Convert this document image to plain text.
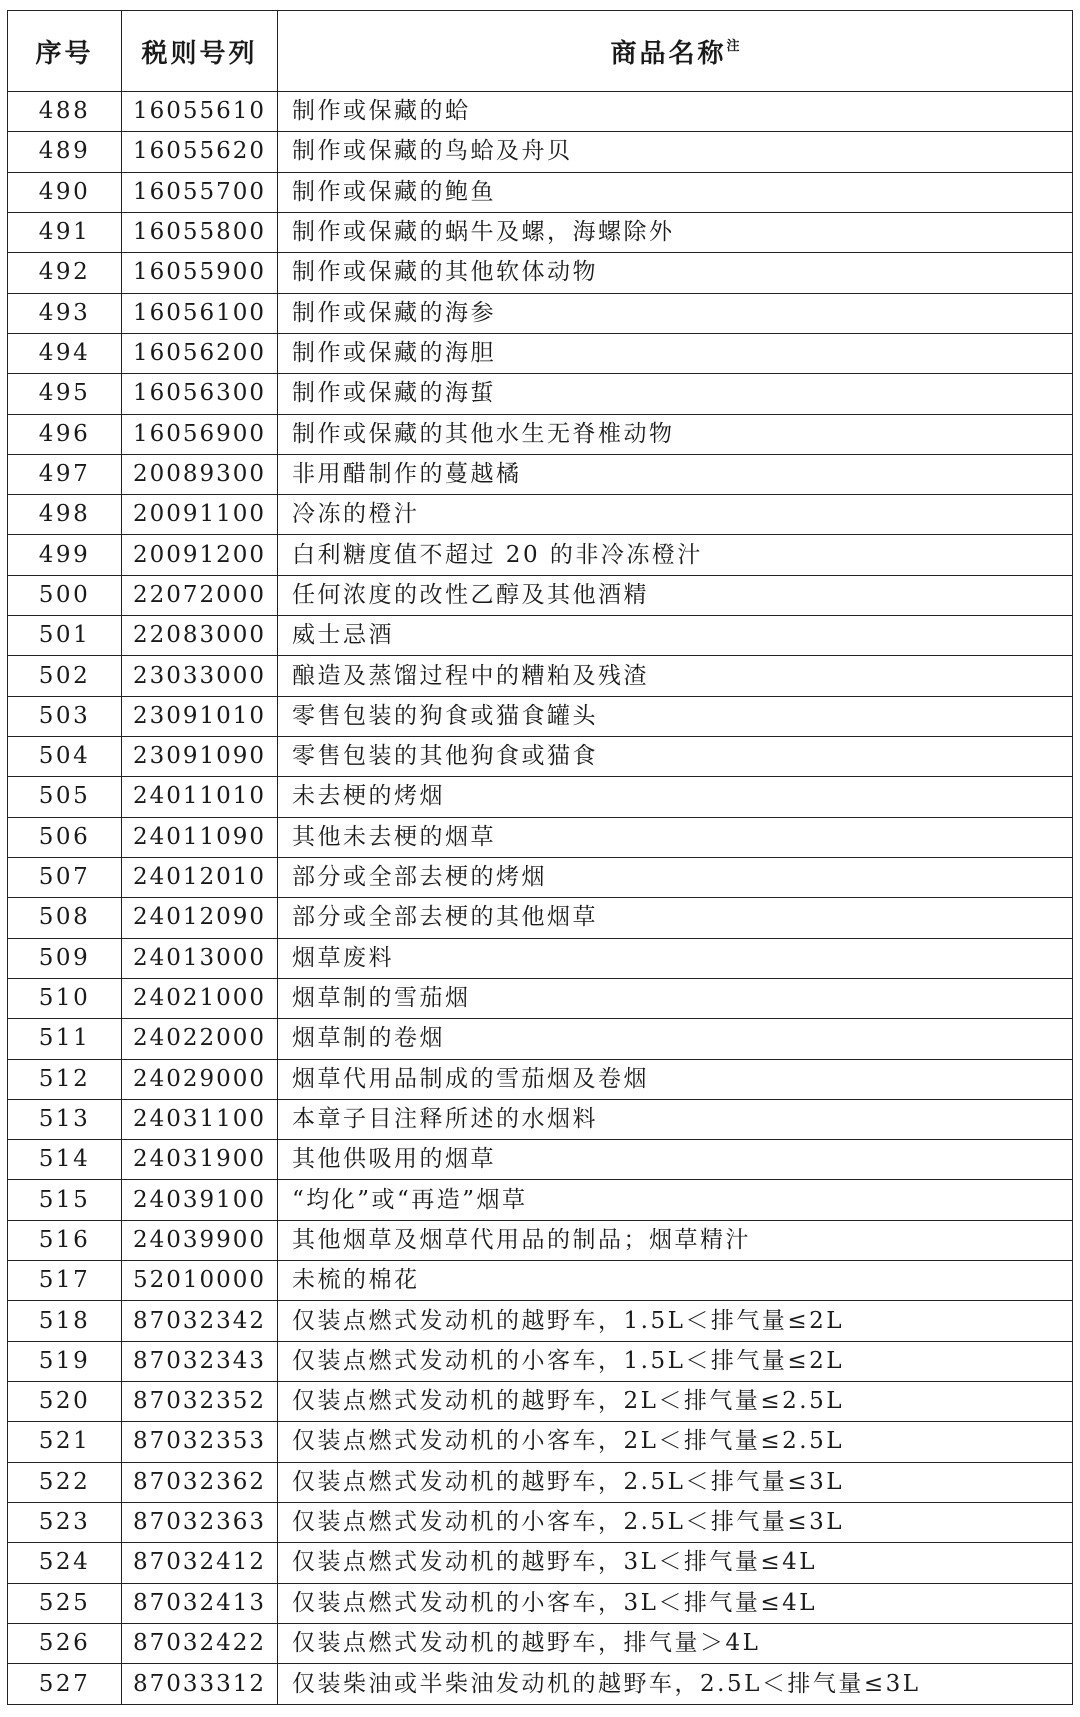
序号	税则号列	商品名称$^注$
488	16055610	制作或保藏的蛤
489	16055620	制作或保藏的鸟蛤及舟贝
490	16055700	制作或保藏的鲍鱼
491	16055800	制作或保藏的蜗牛及螺，海螺除外
492	16055900	制作或保藏的其他软体动物
493	16056100	制作或保藏的海参
494	16056200	制作或保藏的海胆
495	16056300	制作或保藏的海蜇
496	16056900	制作或保藏的其他水生无脊椎动物
497	20089300	非用醋制作的蔓越橘
498	20091100	冷冻的橙汁
499	20091200	白利糖度值不超过 20 的非冷冻橙汁
500	22072000	任何浓度的改性乙醇及其他酒精
501	22083000	威士忌酒
502	23033000	酿造及蒸馏过程中的糟粕及残渣
503	23091010	零售包装的狗食或猫食罐头
504	23091090	零售包装的其他狗食或猫食
505	24011010	未去梗的烤烟
506	24011090	其他未去梗的烟草
507	24012010	部分或全部去梗的烤烟
508	24012090	部分或全部去梗的其他烟草
509	24013000	烟草废料
510	24021000	烟草制的雪茄烟
511	24022000	烟草制的卷烟
512	24029000	烟草代用品制成的雪茄烟及卷烟
513	24031100	本章子目注释所述的水烟料
514	24031900	其他供吸用的烟草
515	24039100	“均化”或“再造”烟草
516	24039900	其他烟草及烟草代用品的制品；烟草精汁
517	52010000	未梳的棉花
518	87032342	仅装点燃式发动机的越野车，1.5L＜排气量≤2L
519	87032343	仅装点燃式发动机的小客车，1.5L＜排气量≤2L
520	87032352	仅装点燃式发动机的越野车，2L＜排气量≤2.5L
521	87032353	仅装点燃式发动机的小客车，2L＜排气量≤2.5L
522	87032362	仅装点燃式发动机的越野车，2.5L＜排气量≤3L
523	87032363	仅装点燃式发动机的小客车，2.5L＜排气量≤3L
524	87032412	仅装点燃式发动机的越野车，3L＜排气量≤4L
525	87032413	仅装点燃式发动机的小客车，3L＜排气量≤4L
526	87032422	仅装点燃式发动机的越野车，排气量＞4L
527	87033312	仅装柴油或半柴油发动机的越野车，2.5L＜排气量≤3L
